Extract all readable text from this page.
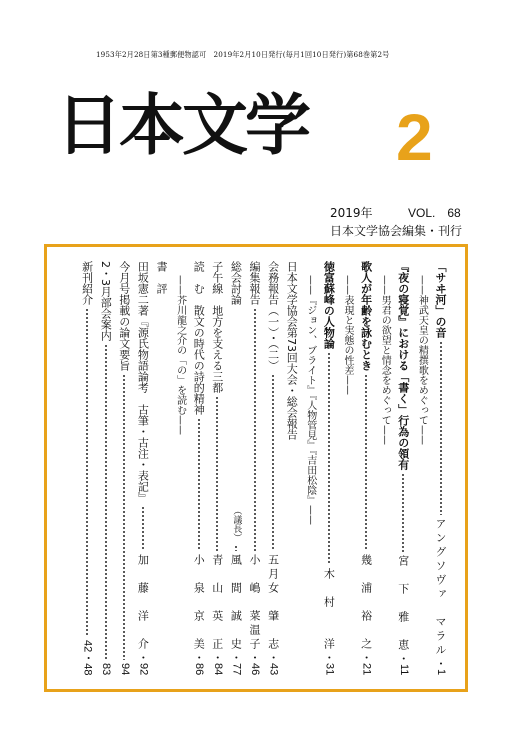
1953年2月28日第3種郵便物認可　2019年2月10日発行(毎月1回10日発行)第68巻第2号
日本文学 2
2019年	VOL.　68
日本文学協会編集・刊行
「サヰ河」の音
アングソヴァ　マラル
・
1
——神武天皇の精撰歌をめぐって——
『夜の寝覚』における「書く」行為の領有
宮　下　雅　恵
・
11
——男君の欲望と情念をめぐって——
歌人が年齢を詠むとき
幾　浦　裕　之
・
21
——表現と実態の性差——
徳富蘇峰の人物論
木　村　　洋
・
31
——『ジョン、ブライト』『人物管見』『吉田松陰』——
日本文学協会第73回大会・総会報告
会務報告（一）・（二）
五月女　肇　志
・
43
編集報告
小　嶋　菜温子
・
46
総会討論
（議長）
風　間　誠　史
・
77
子午線　地方を支える三都
青　山　英　正
・
84
読　む　散文の時代の詩的精神
小　泉　京　美
・
86
——芥川龍之介の「の」を読む——
書　評
田坂憲二著『源氏物語論考　古筆・古注・表記』
加　藤　洋　介
・
92
今月号掲載の論文要旨
94
2・3月部会案内
83
新刊紹介
42・48
